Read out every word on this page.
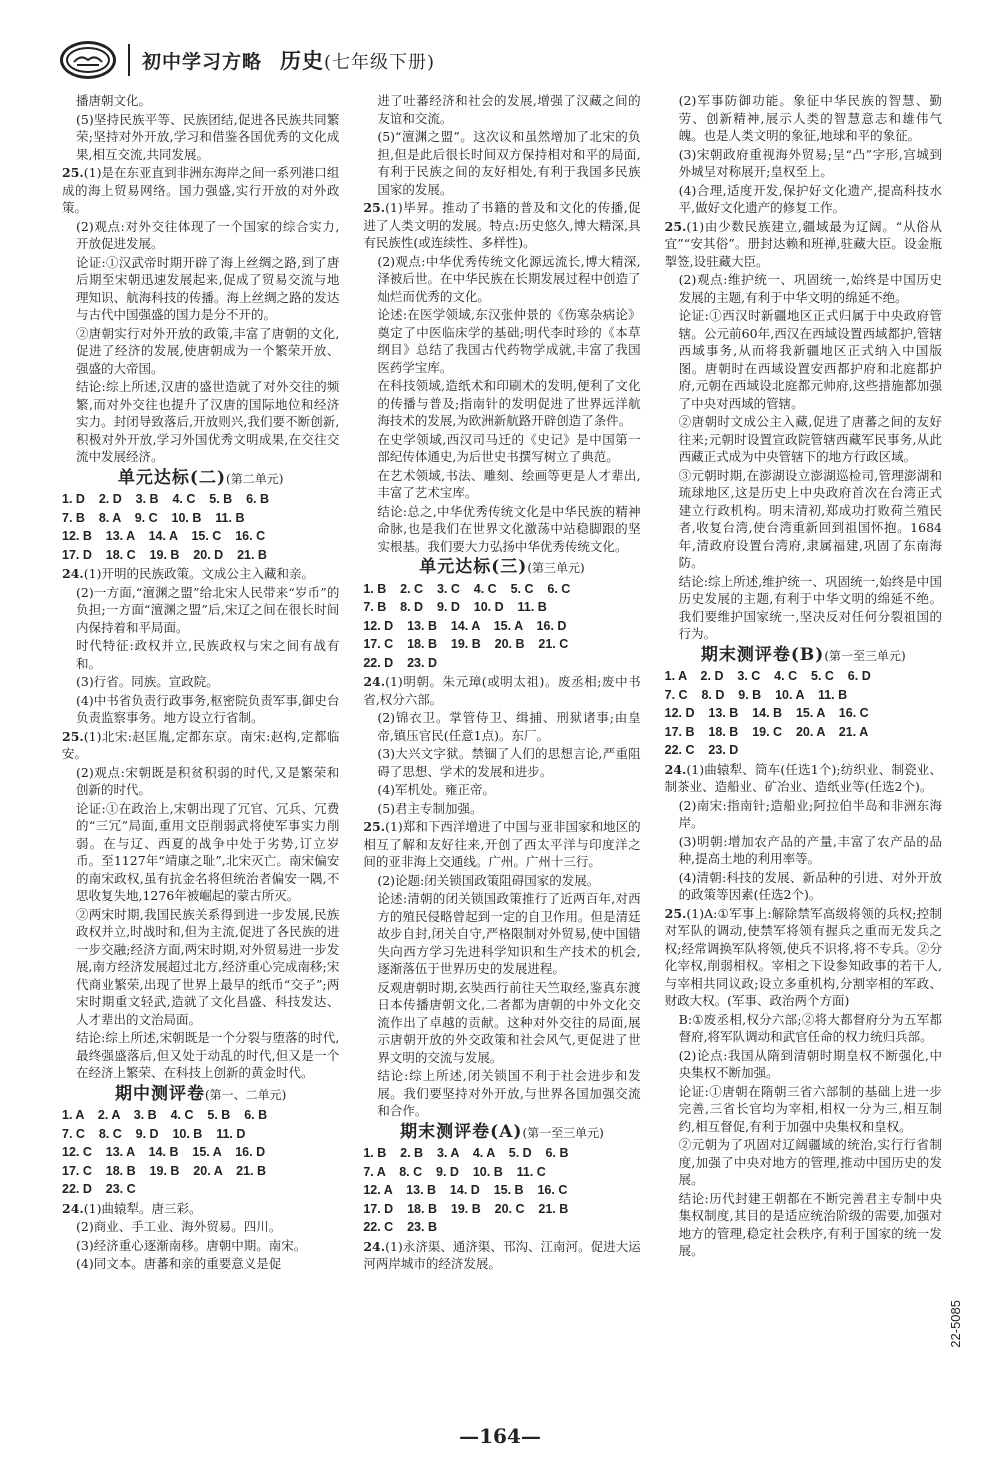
初中学习方略 历史(七年级下册)

播唐朝文化。

(5)坚持民族平等、民族团结,促进各民族共同繁荣;坚持对外开放,学习和借鉴各国优秀的文化成果,相互交流,共同发展。

25.(1)是在东亚直到非洲东海岸之间一系列港口组成的海上贸易网络。国力强盛,实行开放的对外政策。

(2)观点:对外交往体现了一个国家的综合实力,开放促进发展。

论证:①汉武帝时期开辟了海上丝绸之路,到了唐后期至宋朝迅速发展起来,促成了贸易交流与地理知识、航海科技的传播。海上丝绸之路的发达与古代中国强盛的国力是分不开的。

②唐朝实行对外开放的政策,丰富了唐朝的文化,促进了经济的发展,使唐朝成为一个繁荣开放、强盛的大帝国。

结论:综上所述,汉唐的盛世造就了对外交往的频繁,而对外交往也提升了汉唐的国际地位和经济实力。封闭导致落后,开放则兴,我们要不断创新,积极对外开放,学习外国优秀文明成果,在交往交流中发展经济。

单元达标(二)(第二单元)

1. D    2. D    3. B    4. C    5. B    6. B

7. B    8. A    9. C    10. B    11. B

12. B    13. A    14. A    15. C    16. C

17. D    18. C    19. B    20. D    21. B

24.(1)开明的民族政策。文成公主入藏和亲。

(2)一方面,“澶渊之盟”给北宋人民带来“岁币”的负担;一方面“澶渊之盟”后,宋辽之间在很长时间内保持着和平局面。

时代特征:政权并立,民族政权与宋之间有战有和。

(3)行省。同族。宣政院。

(4)中书省负责行政事务,枢密院负责军事,御史台负责监察事务。地方设立行省制。

25.(1)北宋:赵匡胤,定都东京。南宋:赵构,定都临安。

(2)观点:宋朝既是积贫积弱的时代,又是繁荣和创新的时代。

论证:①在政治上,宋朝出现了冗官、冗兵、冗费的“三冗”局面,重用文臣削弱武将使军事实力削弱。在与辽、西夏的战争中处于劣势,订立岁币。至1127年“靖康之耻”,北宋灭亡。南宋偏安的南宋政权,虽有抗金名将但统治者偏安一隅,不思收复失地,1276年被崛起的蒙古所灭。

②两宋时期,我国民族关系得到进一步发展,民族政权并立,时战时和,但为主流,促进了各民族的进一步交融;经济方面,两宋时期,对外贸易进一步发展,南方经济发展超过北方,经济重心完成南移;宋代商业繁荣,出现了世界上最早的纸币“交子”;两宋时期重文轻武,造就了文化昌盛、科技发达、人才辈出的文治局面。

结论:综上所述,宋朝既是一个分裂与堕落的时代,最终强盛落后,但又处于动乱的时代,但又是一个在经济上繁荣、在科技上创新的黄金时代。

期中测评卷(第一、二单元)

1. A    2. A    3. B    4. C    5. B    6. B

7. C    8. C    9. D    10. B    11. D

12. C    13. A    14. B    15. A    16. D

17. C    18. B    19. B    20. A    21. B

22. D    23. C

24.(1)曲辕犁。唐三彩。

(2)商业、手工业、海外贸易。四川。

(3)经济重心逐渐南移。唐朝中期。南宋。

(4)同文本。唐蕃和亲的重要意义是促

进了吐蕃经济和社会的发展,增强了汉藏之间的友谊和交流。

(5)“澶渊之盟”。这次议和虽然增加了北宋的负担,但是此后很长时间双方保持相对和平的局面,有利于民族之间的友好相处,有利于我国多民族国家的发展。

25.(1)毕昇。推动了书籍的普及和文化的传播,促进了人类文明的发展。特点:历史悠久,博大精深,具有民族性(或连续性、多样性)。

(2)观点:中华优秀传统文化源远流长,博大精深,泽被后世。在中华民族在长期发展过程中创造了灿烂而优秀的文化。

论述:在医学领域,东汉张仲景的《伤寒杂病论》奠定了中医临床学的基础;明代李时珍的《本草纲目》总结了我国古代药物学成就,丰富了我国医药学宝库。

在科技领域,造纸术和印刷术的发明,便利了文化的传播与普及;指南针的发明促进了世界远洋航海技术的发展,为欧洲新航路开辟创造了条件。

在史学领域,西汉司马迁的《史记》是中国第一部纪传体通史,为后世史书撰写树立了典范。

在艺术领域,书法、雕刻、绘画等更是人才辈出,丰富了艺术宝库。

结论:总之,中华优秀传统文化是中华民族的精神命脉,也是我们在世界文化激荡中站稳脚跟的坚实根基。我们要大力弘扬中华优秀传统文化。

单元达标(三)(第三单元)

1. B    2. C    3. C    4. C    5. C    6. C

7. B    8. D    9. D    10. D    11. B

12. D    13. B    14. A    15. A    16. D

17. C    18. B    19. B    20. B    21. C

22. D    23. D

24.(1)明朝。朱元璋(或明太祖)。废丞相;废中书省,权分六部。

(2)锦衣卫。掌管侍卫、缉捕、刑狱诸事;由皇帝,镇压官民(任意1点)。东厂。

(3)大兴文字狱。禁锢了人们的思想言论,严重阻碍了思想、学术的发展和进步。

(4)军机处。雍正帝。

(5)君主专制加强。

25.(1)郑和下西洋增进了中国与亚非国家和地区的相互了解和友好往来,开创了西太平洋与印度洋之间的亚非海上交通线。广州。广州十三行。

(2)论题:闭关锁国政策阻碍国家的发展。

论述:清朝的闭关锁国政策推行了近两百年,对西方的殖民侵略曾起到一定的自卫作用。但是清廷故步自封,闭关自守,严格限制对外贸易,使中国错失向西方学习先进科学知识和生产技术的机会,逐渐落伍于世界历史的发展进程。

反观唐朝时期,玄奘西行前往天竺取经,鉴真东渡日本传播唐朝文化,二者都为唐朝的中外文化交流作出了卓越的贡献。这种对外交往的局面,展示唐朝开放的外交政策和社会风气,更促进了世界文明的交流与发展。

结论:综上所述,闭关锁国不利于社会进步和发展。我们要坚持对外开放,与世界各国加强交流和合作。

期末测评卷(A)(第一至三单元)

1. B    2. B    3. A    4. A    5. D    6. B

7. A    8. C    9. D    10. B    11. C

12. A    13. B    14. D    15. B    16. C

17. D    18. B    19. B    20. C    21. B

22. C    23. B

24.(1)永济渠、通济渠、邗沟、江南河。促进大运河两岸城市的经济发展。

(2)军事防御功能。象征中华民族的智慧、勤劳、创新精神,展示人类的智慧意志和雄伟气魄。也是人类文明的象征,地球和平的象征。

(3)宋朝政府重视海外贸易;呈“凸”字形,宫城到外城呈对称展开;皇权至上。

(4)合理,适度开发,保护好文化遗产,提高科技水平,做好文化遗产的修复工作。

25.(1)由少数民族建立,疆域最为辽阔。“从俗从宜”“安其俗”。册封达赖和班禅,驻藏大臣。设金瓶掣签,设驻藏大臣。

(2)观点:维护统一、巩固统一,始终是中国历史发展的主题,有利于中华文明的绵延不绝。

论证:①西汉时新疆地区正式归属于中央政府管辖。公元前60年,西汉在西域设置西域都护,管辖西域事务,从而将我新疆地区正式纳入中国版图。唐朝时在西域设置安西都护府和北庭都护府,元朝在西域设北庭都元帅府,这些措施都加强了中央对西域的管辖。

②唐朝时文成公主入藏,促进了唐蕃之间的友好往来;元朝时设置宣政院管辖西藏军民事务,从此西藏正式成为中央管辖下的地方行政区域。

③元朝时期,在澎湖设立澎湖巡检司,管理澎湖和琉球地区,这是历史上中央政府首次在台湾正式建立行政机构。明末清初,郑成功打败荷兰殖民者,收复台湾,使台湾重新回到祖国怀抱。1684年,清政府设置台湾府,隶属福建,巩固了东南海防。

结论:综上所述,维护统一、巩固统一,始终是中国历史发展的主题,有利于中华文明的绵延不绝。我们要维护国家统一,坚决反对任何分裂祖国的行为。

期末测评卷(B)(第一至三单元)

1. A    2. D    3. C    4. C    5. C    6. D

7. C    8. D    9. B    10. A    11. B

12. D    13. B    14. B    15. A    16. C

17. B    18. B    19. C    20. A    21. A

22. C    23. D

24.(1)曲辕犁、筒车(任选1个);纺织业、制瓷业、制茶业、造船业、矿冶业、造纸业等(任选2个)。

(2)南宋:指南针;造船业;阿拉伯半岛和非洲东海岸。

(3)明朝:增加农产品的产量,丰富了农产品的品种,提高土地的利用率等。

(4)清朝:科技的发展、新品种的引进、对外开放的政策等因素(任选2个)。

25.(1)A:①军事上:解除禁军高级将领的兵权;控制对军队的调动,使禁军将领有握兵之重而无发兵之权;经常调换军队将领,使兵不识将,将不专兵。②分化宰权,削弱相权。宰相之下设参知政事的若干人,与宰相共同议政;设立多重机构,分割宰相的军政、财政大权。(军事、政治两个方面)

B:①废丞相,权分六部;②将大都督府分为五军都督府,将军队调动和武官任命的权力统归兵部。

(2)论点:我国从隋到清朝时期皇权不断强化,中央集权不断加强。

论证:①唐朝在隋朝三省六部制的基础上进一步完善,三省长官均为宰相,相权一分为三,相互制约,相互督促,有利于加强中央集权和皇权。

②元朝为了巩固对辽阔疆域的统治,实行行省制度,加强了中央对地方的管理,推动中国历史的发展。

结论:历代封建王朝都在不断完善君主专制中央集权制度,其目的是适应统治阶级的需要,加强对地方的管理,稳定社会秩序,有利于国家的统一发展。

—164—
22-5085
